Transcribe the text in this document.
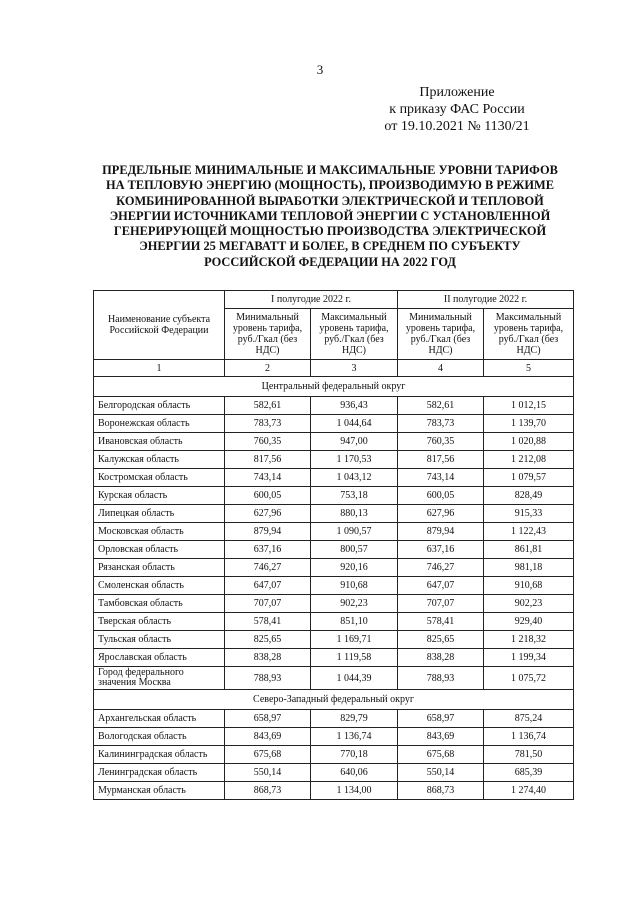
3
Приложение
к приказу ФАС России
от 19.10.2021 № 1130/21
ПРЕДЕЛЬНЫЕ МИНИМАЛЬНЫЕ И МАКСИМАЛЬНЫЕ УРОВНИ ТАРИФОВ НА ТЕПЛОВУЮ ЭНЕРГИЮ (МОЩНОСТЬ), ПРОИЗВОДИМУЮ В РЕЖИМЕ КОМБИНИРОВАННОЙ ВЫРАБОТКИ ЭЛЕКТРИЧЕСКОЙ И ТЕПЛОВОЙ ЭНЕРГИИ ИСТОЧНИКАМИ ТЕПЛОВОЙ ЭНЕРГИИ С УСТАНОВЛЕННОЙ ГЕНЕРИРУЮЩЕЙ МОЩНОСТЬЮ ПРОИЗВОДСТВА ЭЛЕКТРИЧЕСКОЙ ЭНЕРГИИ 25 МЕГАВАТТ И БОЛЕЕ, В СРЕДНЕМ ПО СУБЪЕКТУ РОССИЙСКОЙ ФЕДЕРАЦИИ НА 2022 ГОД
Наименование субъекта Российской Федерации	I полугодие 2022 г.		II полугодие 2022 г.	
	Минимальный уровень тарифа, руб./Гкал (без НДС)	Максимальный уровень тарифа, руб./Гкал (без НДС)	Минимальный уровень тарифа, руб./Гкал (без НДС)	Максимальный уровень тарифа, руб./Гкал (без НДС)
1	2	3	4	5
Центральный федеральный округ				
Белгородская область	582,61	936,43	582,61	1 012,15
Воронежская область	783,73	1 044,64	783,73	1 139,70
Ивановская область	760,35	947,00	760,35	1 020,88
Калужская область	817,56	1 170,53	817,56	1 212,08
Костромская область	743,14	1 043,12	743,14	1 079,57
Курская область	600,05	753,18	600,05	828,49
Липецкая область	627,96	880,13	627,96	915,33
Московская область	879,94	1 090,57	879,94	1 122,43
Орловская область	637,16	800,57	637,16	861,81
Рязанская область	746,27	920,16	746,27	981,18
Смоленская область	647,07	910,68	647,07	910,68
Тамбовская область	707,07	902,23	707,07	902,23
Тверская область	578,41	851,10	578,41	929,40
Тульская область	825,65	1 169,71	825,65	1 218,32
Ярославская область	838,28	1 119,58	838,28	1 199,34
Город федерального значения Москва	788,93	1 044,39	788,93	1 075,72
Северо-Западный федеральный округ				
Архангельская область	658,97	829,79	658,97	875,24
Вологодская область	843,69	1 136,74	843,69	1 136,74
Калининградская область	675,68	770,18	675,68	781,50
Ленинградская область	550,14	640,06	550,14	685,39
Мурманская область	868,73	1 134,00	868,73	1 274,40
